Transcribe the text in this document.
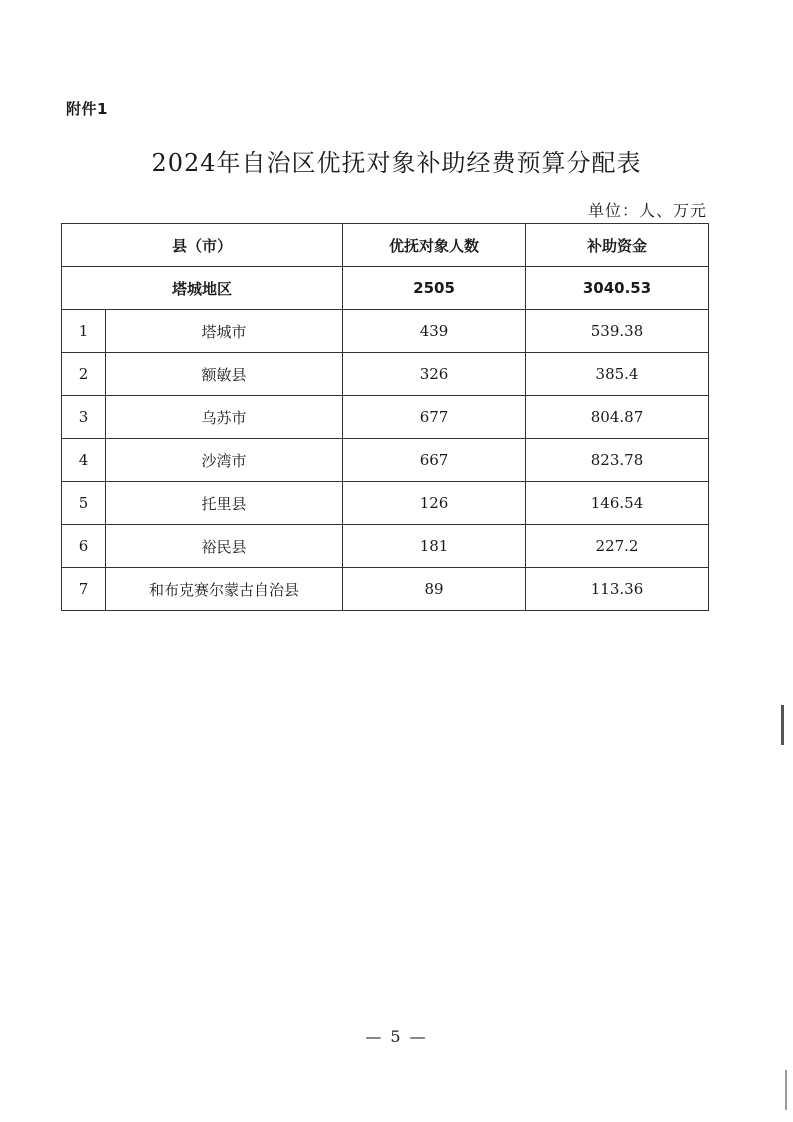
附件1
2024年自治区优抚对象补助经费预算分配表
单位：人、万元
县（市）		优抚对象人数	补助资金
塔城地区		2505	3040.53
1	塔城市	439	539.38
2	额敏县	326	385.4
3	乌苏市	677	804.87
4	沙湾市	667	823.78
5	托里县	126	146.54
6	裕民县	181	227.2
7	和布克赛尔蒙古自治县	89	113.36
— 5 —
